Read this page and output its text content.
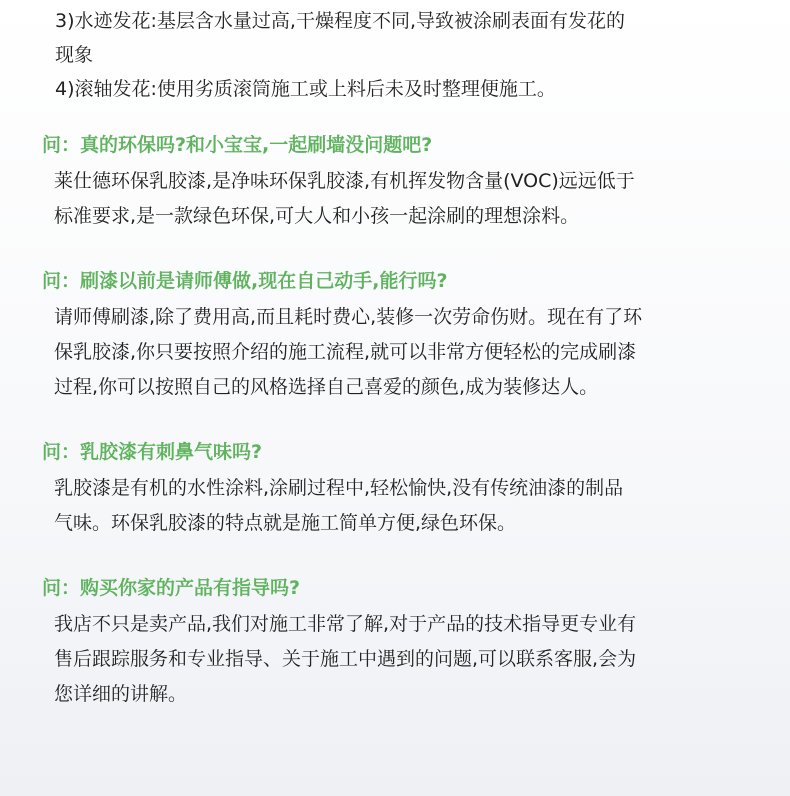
3)水迹发花:基层含水量过高,干燥程度不同,导致被涂刷表面有发花的

现象

4)滚轴发花:使用劣质滚筒施工或上料后未及时整理便施工。

问：真的环保吗?和小宝宝,一起刷墙没问题吧?
莱仕德环保乳胶漆,是净味环保乳胶漆,有机挥发物含量(VOC)远远低于
标准要求,是一款绿色环保,可大人和小孩一起涂刷的理想涂料。
问：刷漆以前是请师傅做,现在自己动手,能行吗?
请师傅刷漆,除了费用高,而且耗时费心,装修一次劳命伤财。现在有了环
保乳胶漆,你只要按照介绍的施工流程,就可以非常方便轻松的完成刷漆
过程,你可以按照自己的风格选择自己喜爱的颜色,成为装修达人。
问：乳胶漆有刺鼻气味吗?
乳胶漆是有机的水性涂料,涂刷过程中,轻松愉快,没有传统油漆的制品
气味。环保乳胶漆的特点就是施工简单方便,绿色环保。
问：购买你家的产品有指导吗?
我店不只是卖产品,我们对施工非常了解,对于产品的技术指导更专业有
售后跟踪服务和专业指导、关于施工中遇到的问题,可以联系客服,会为
您详细的讲解。
